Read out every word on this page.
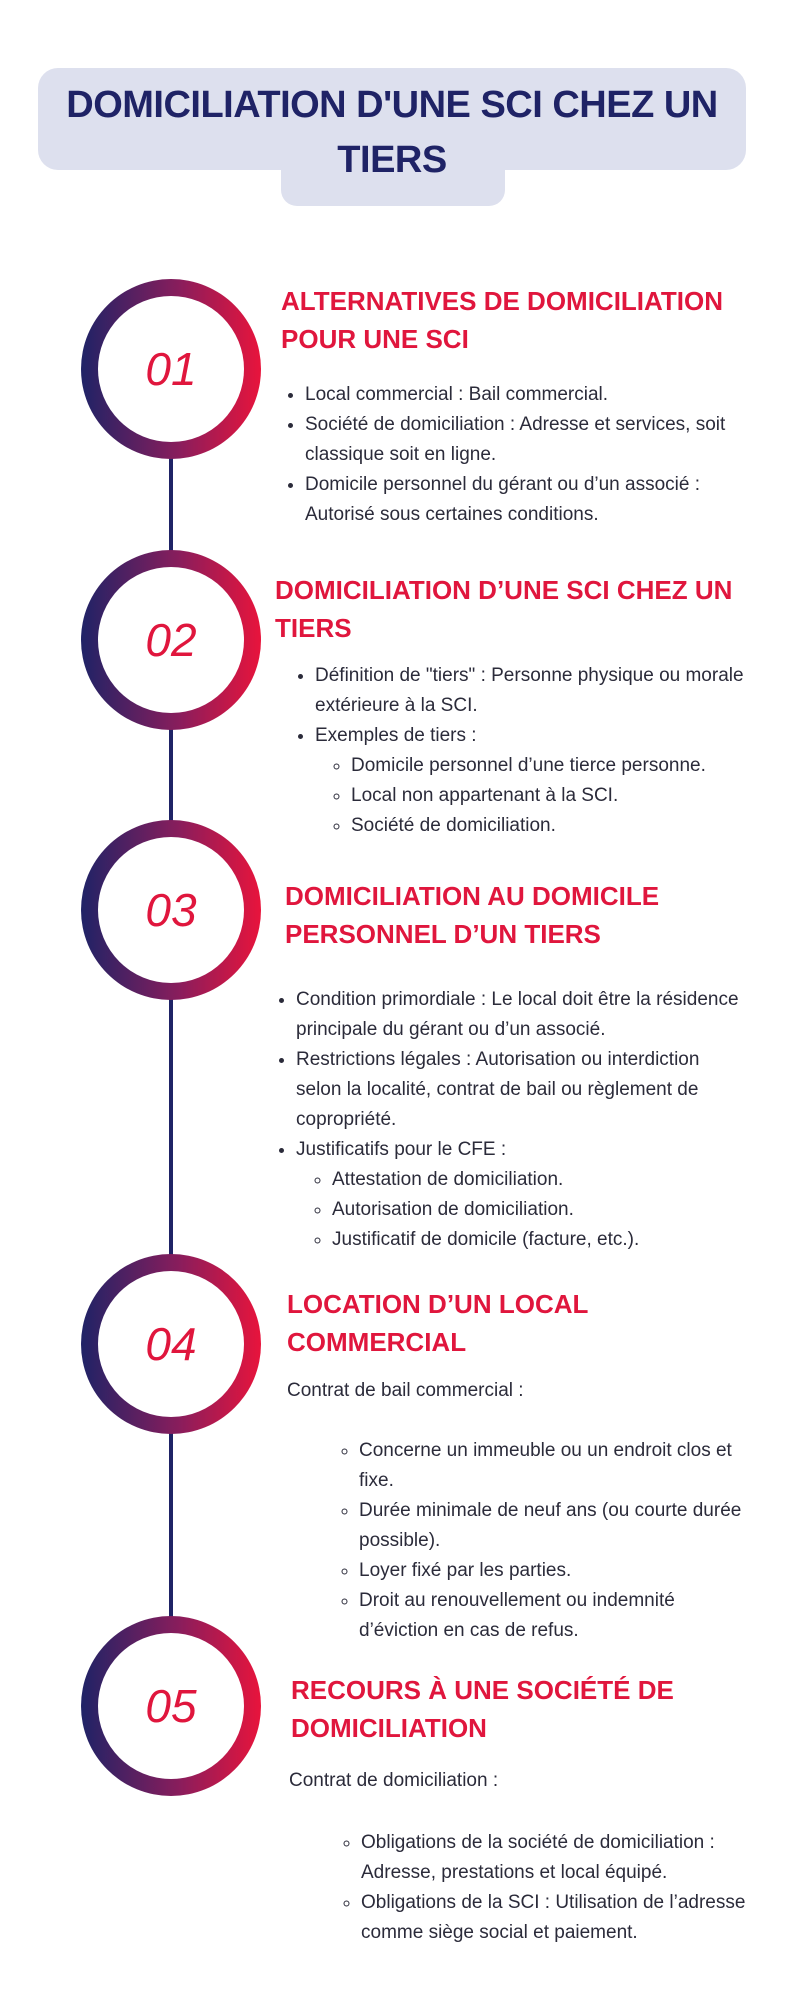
DOMICILIATION D'UNE SCI CHEZ UN TIERS
01
ALTERNATIVES DE DOMICILIATION POUR UNE SCI
• Local commercial : Bail commercial.
• Société de domiciliation : Adresse et services, soit classique soit en ligne.
• Domicile personnel du gérant ou d’un associé : Autorisé sous certaines conditions.
02
DOMICILIATION D’UNE SCI CHEZ UN TIERS
• Définition de "tiers" : Personne physique ou morale extérieure à la SCI.
• Exemples de tiers :
◦ Domicile personnel d’une tierce personne.
◦ Local non appartenant à la SCI.
◦ Société de domiciliation.
03	DOMICILIATION AU DOMICILE PERSONNEL D’UN TIERS
• Condition primordiale : Le local doit être la résidence principale du gérant ou d’un associé.
• Restrictions légales : Autorisation ou interdiction selon la localité, contrat de bail ou règlement de copropriété.
• Justificatifs pour le CFE :
◦ Attestation de domiciliation.
◦ Autorisation de domiciliation.
◦ Justificatif de domicile (facture, etc.).
04
LOCATION D’UN LOCAL COMMERCIAL

Contrat de bail commercial :

◦ Concerne un immeuble ou un endroit clos et fixe.
◦ Durée minimale de neuf ans (ou courte durée possible).
◦ Loyer fixé par les parties.
◦ Droit au renouvellement ou indemnité d’éviction en cas de refus.
05	RECOURS À UNE SOCIÉTÉ DE DOMICILIATION

Contrat de domiciliation :

◦ Obligations de la société de domiciliation : Adresse, prestations et local équipé.
◦ Obligations de la SCI : Utilisation de l’adresse comme siège social et paiement.
